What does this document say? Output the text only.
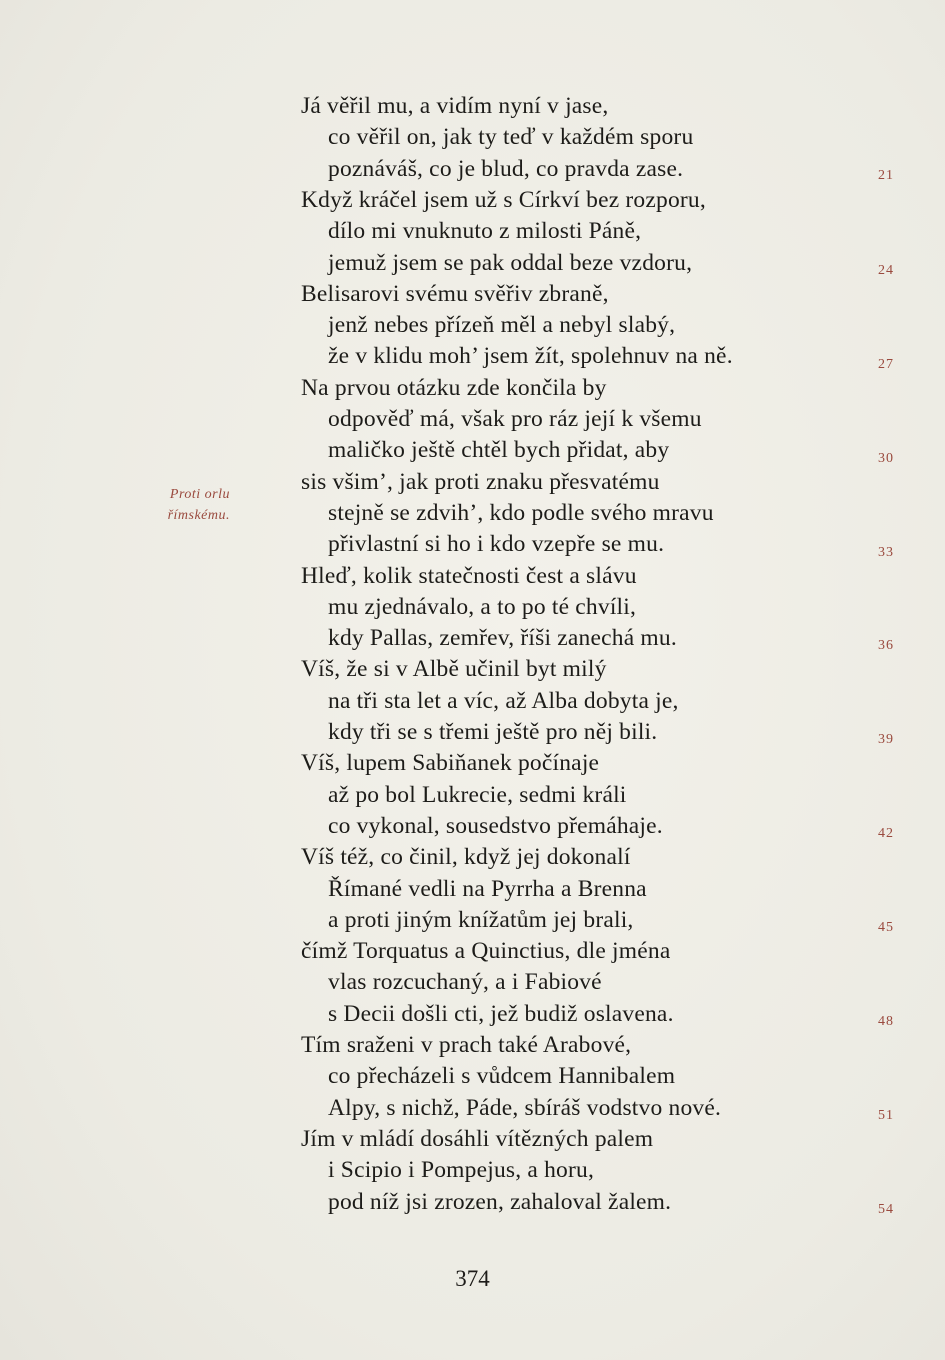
Já věřil mu, a vidím nyní v jase,
co věřil on, jak ty teď v každém sporu
poznáváš, co je blud, co pravda zase.
Když kráčel jsem už s Církví bez rozporu,
dílo mi vnuknuto z milosti Páně,
jemuž jsem se pak oddal beze vzdoru,
Belisarovi svému svěřiv zbraně,
jenž nebes přízeň měl a nebyl slabý,
že v klidu moh’ jsem žít, spolehnuv na ně.
Na prvou otázku zde končila by
odpověď má, však pro ráz její k všemu
maličko ještě chtěl bych přidat, aby
sis všim’, jak proti znaku přesvatému
stejně se zdvih’, kdo podle svého mravu
přivlastní si ho i kdo vzepře se mu.
Hleď, kolik statečnosti čest a slávu
mu zjednávalo, a to po té chvíli,
kdy Pallas, zemřev, říši zanechá mu.
Víš, že si v Albě učinil byt milý
na tři sta let a víc, až Alba dobyta je,
kdy tři se s třemi ještě pro něj bili.
Víš, lupem Sabiňanek počínaje
až po bol Lukrecie, sedmi králi
co vykonal, sousedstvo přemáhaje.
Víš též, co činil, když jej dokonalí
Římané vedli na Pyrrha a Brenna
a proti jiným knížatům jej brali,
čímž Torquatus a Quinctius, dle jména
vlas rozcuchaný, a i Fabiové
s Decii došli cti, jež budiž oslavena.
Tím sraženi v prach také Arabové,
co přecházeli s vůdcem Hannibalem
Alpy, s nichž, Páde, sbíráš vodstvo nové.
Jím v mládí dosáhli vítězných palem
i Scipio i Pompejus, a horu,
pod níž jsi zrozen, zahaloval žalem.
21
24
27
30
33
36
39
42
45
48
51
54
Proti orlu
římskému.
374
